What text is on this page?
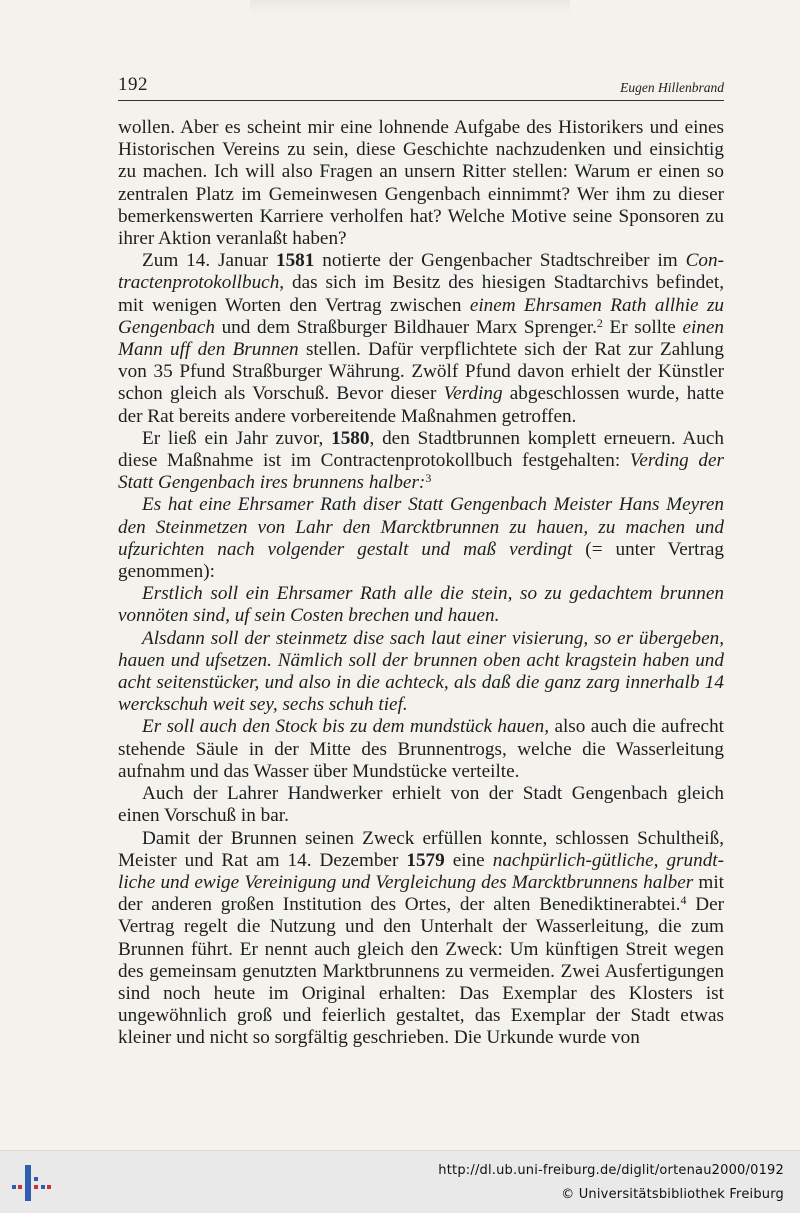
192	Eugen Hillenbrand

wollen. Aber es scheint mir eine lohnende Aufgabe des Historikers und eines Historischen Vereins zu sein, diese Geschichte nachzudenken und einsichtig zu machen. Ich will also Fragen an unsern Ritter stellen: Warum er einen so zentralen Platz im Gemeinwesen Gengenbach einnimmt? Wer ihm zu dieser bemerkenswerten Karriere verholfen hat? Welche Motive seine Sponsoren zu ihrer Aktion veranlaßt haben?

Zum 14. Januar 1581 notierte der Gengenbacher Stadtschreiber im Contractenprotokollbuch, das sich im Besitz des hiesigen Stadtarchivs befindet, mit wenigen Worten den Vertrag zwischen einem Ehrsamen Rath allhie zu Gengenbach und dem Straßburger Bildhauer Marx Sprenger.$^2$ Er sollte einen Mann uff den Brunnen stellen. Dafür verpflichtete sich der Rat zur Zahlung von 35 Pfund Straßburger Währung. Zwölf Pfund davon erhielt der Künstler schon gleich als Vorschuß. Bevor dieser Verding abgeschlossen wurde, hatte der Rat bereits andere vorbereitende Maßnahmen getroffen.

Er ließ ein Jahr zuvor, 1580, den Stadtbrunnen komplett erneuern. Auch diese Maßnahme ist im Contractenprotokollbuch festgehalten: Verding der Statt Gengenbach ires brunnens halber:$^3$

Es hat eine Ehrsamer Rath diser Statt Gengenbach Meister Hans Meyren den Steinmetzen von Lahr den Marcktbrunnen zu hauen, zu machen und ufzurichten nach volgender gestalt und maß verdingt (= unter Vertrag genommen):

Erstlich soll ein Ehrsamer Rath alle die stein, so zu gedachtem brunnen vonnöten sind, uf sein Costen brechen und hauen.

Alsdann soll der steinmetz dise sach laut einer visierung, so er übergeben, hauen und ufsetzen. Nämlich soll der brunnen oben acht kragstein haben und acht seitenstücker, und also in die achteck, als daß die ganz zarg innerhalb 14 werckschuh weit sey, sechs schuh tief.

Er soll auch den Stock bis zu dem mundstück hauen, also auch die aufrecht stehende Säule in der Mitte des Brunnentrogs, welche die Wasserleitung aufnahm und das Wasser über Mundstücke verteilte.

Auch der Lahrer Handwerker erhielt von der Stadt Gengenbach gleich einen Vorschuß in bar.

Damit der Brunnen seinen Zweck erfüllen konnte, schlossen Schultheiß, Meister und Rat am 14. Dezember 1579 eine nachpürlich-gütliche, grundtliche und ewige Vereinigung und Vergleichung des Marcktbrunnens halber mit der anderen großen Institution des Ortes, der alten Benediktinerabtei.$^4$ Der Vertrag regelt die Nutzung und den Unterhalt der Wasserleitung, die zum Brunnen führt. Er nennt auch gleich den Zweck: Um künftigen Streit wegen des gemeinsam genutzten Marktbrunnens zu vermeiden. Zwei Ausfertigungen sind noch heute im Original erhalten: Das Exemplar des Klosters ist ungewöhnlich groß und feierlich gestaltet, das Exemplar der Stadt etwas kleiner und nicht so sorgfältig geschrieben. Die Urkunde wurde von

http://dl.ub.uni-freiburg.de/diglit/ortenau2000/0192
© Universitätsbibliothek Freiburg
